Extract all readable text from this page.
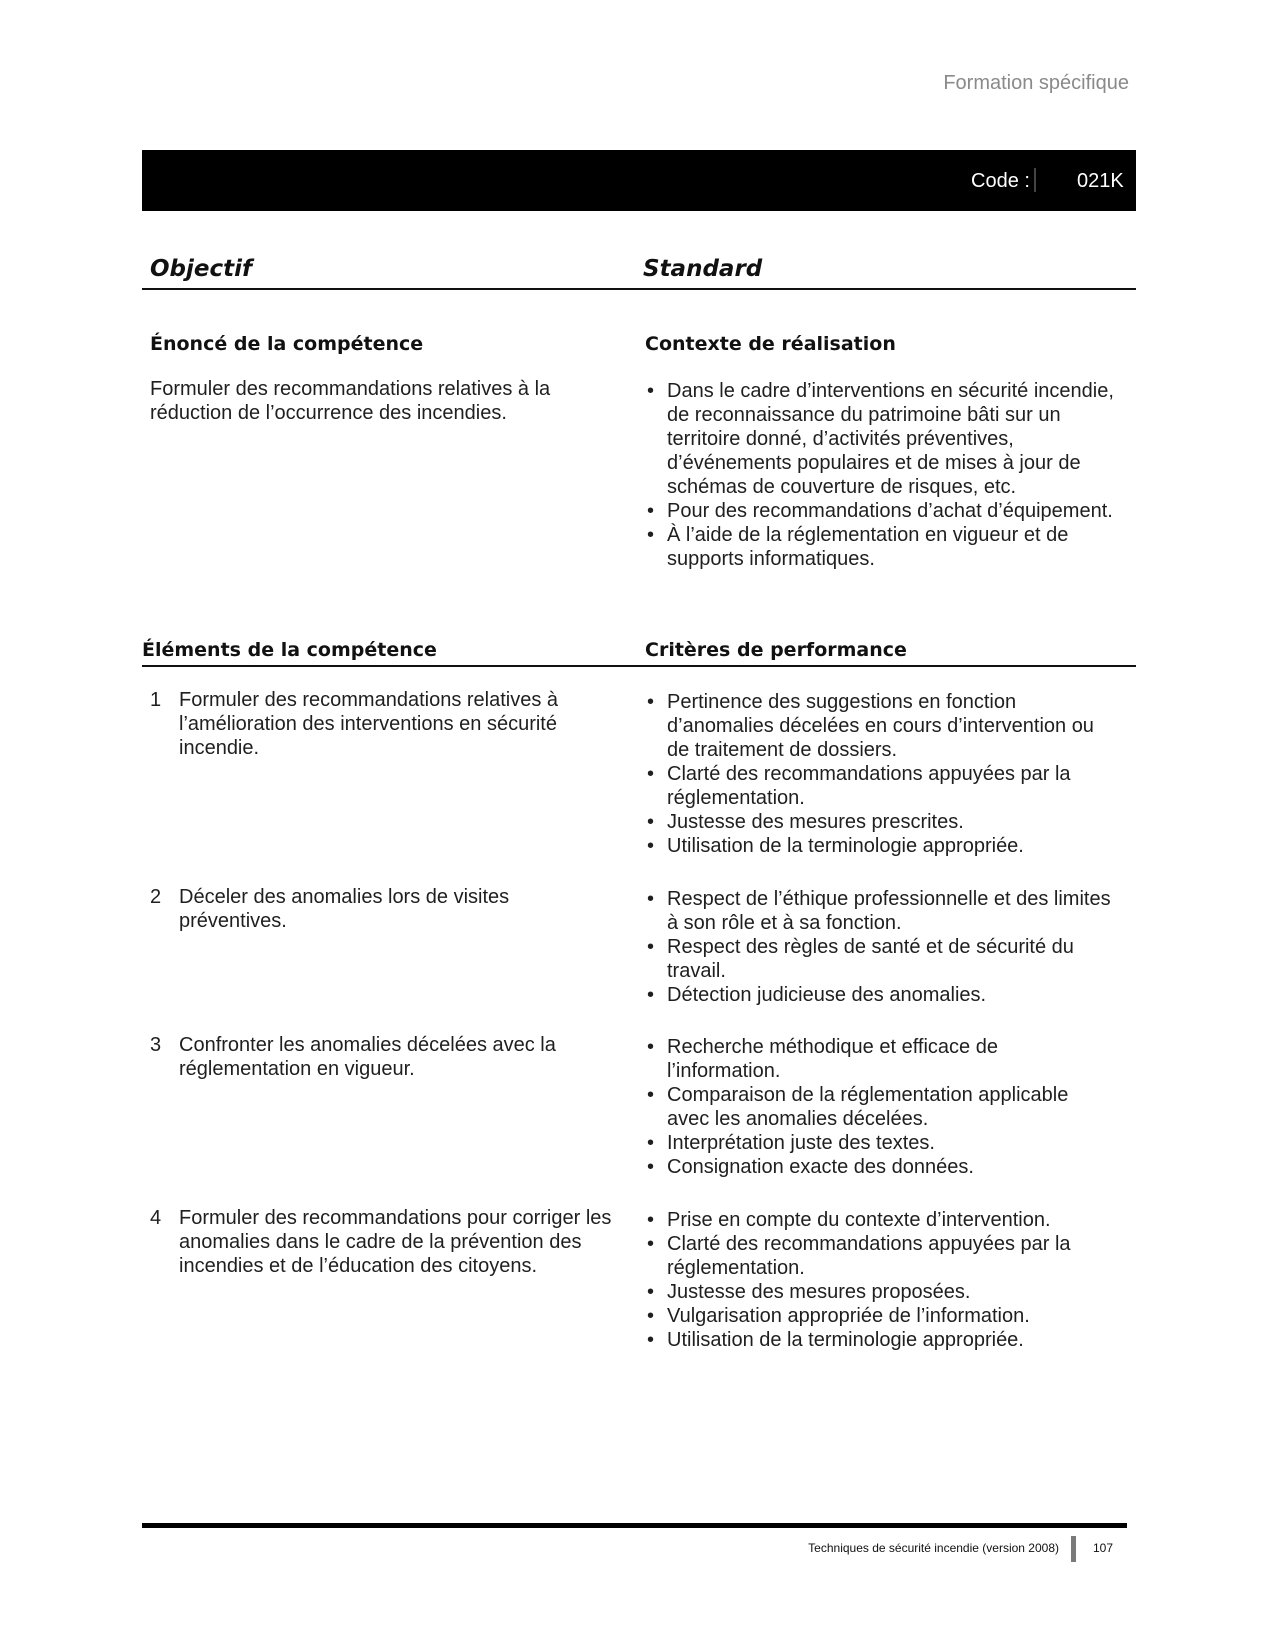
Formation spécifique
Code : 021K
Objectif	Standard
Énoncé de la compétence	Contexte de réalisation
Formuler des recommandations relatives à la réduction de l’occurrence des incendies.
• Dans le cadre d’interventions en sécurité incendie, de reconnaissance du patrimoine bâti sur un territoire donné, d’activités préventives, d’événements populaires et de mises à jour de schémas de couverture de risques, etc.
• Pour des recommandations d’achat d’équipement.
• À l’aide de la réglementation en vigueur et de supports informatiques.
Éléments de la compétence	Critères de performance
1 Formuler des recommandations relatives à l’amélioration des interventions en sécurité incendie.
• Pertinence des suggestions en fonction d’anomalies décelées en cours d’intervention ou de traitement de dossiers.
• Clarté des recommandations appuyées par la réglementation.
• Justesse des mesures prescrites.
• Utilisation de la terminologie appropriée.
2 Déceler des anomalies lors de visites préventives.
• Respect de l’éthique professionnelle et des limites à son rôle et à sa fonction.
• Respect des règles de santé et de sécurité du travail.
• Détection judicieuse des anomalies.
3 Confronter les anomalies décelées avec la réglementation en vigueur.
• Recherche méthodique et efficace de l’information.
• Comparaison de la réglementation applicable avec les anomalies décelées.
• Interprétation juste des textes.
• Consignation exacte des données.
4 Formuler des recommandations pour corriger les anomalies dans le cadre de la prévention des incendies et de l’éducation des citoyens.
• Prise en compte du contexte d’intervention.
• Clarté des recommandations appuyées par la réglementation.
• Justesse des mesures proposées.
• Vulgarisation appropriée de l’information.
• Utilisation de la terminologie appropriée.
Techniques de sécurité incendie (version 2008)	107
